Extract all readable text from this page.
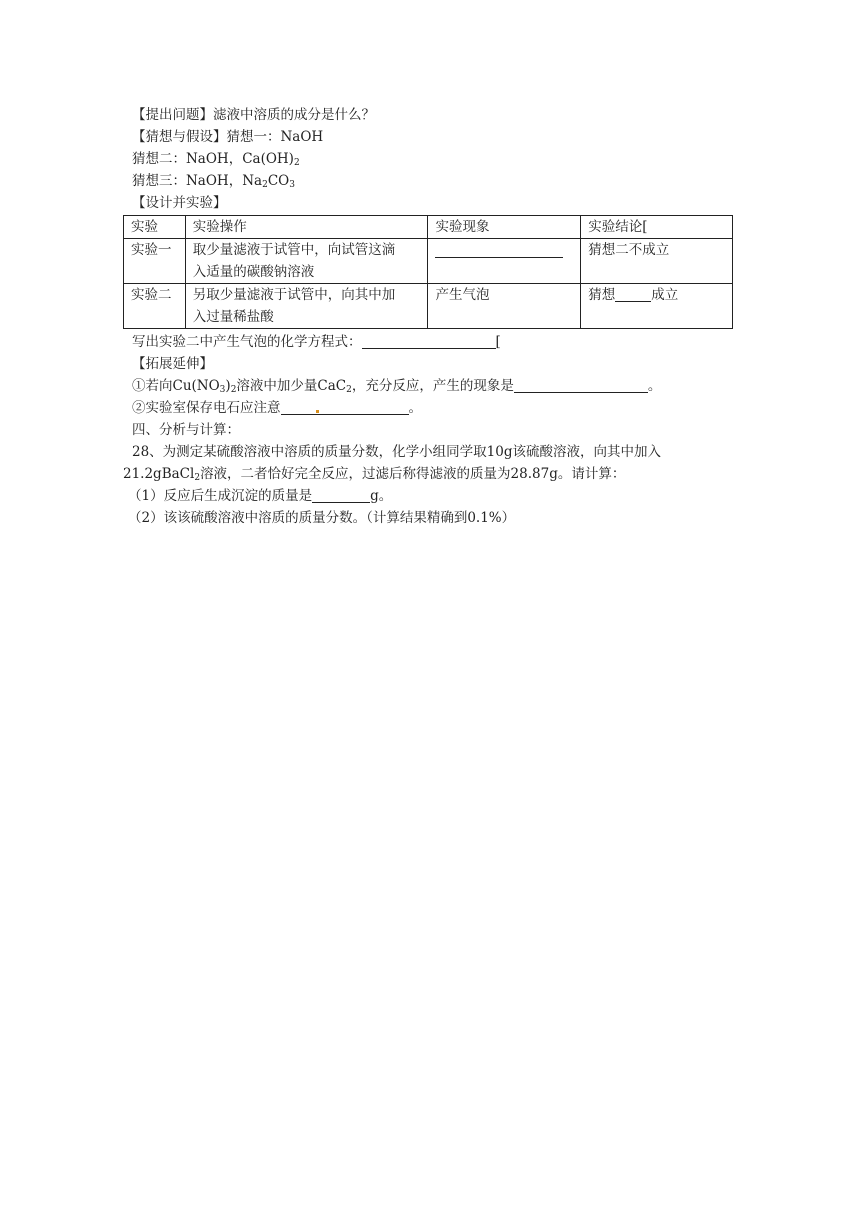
【提出问题】滤液中溶质的成分是什么？
【猜想与假设】猜想一：NaOH
猜想二：NaOH，$Ca(OH)_2$
猜想三：NaOH，$Na_2CO_3$
【设计并实验】
实验	实验操作	实验现象	实验结论[
实验一	取少量滤液于试管中，向试管这滴
入适量的碳酸钠溶液		猜想二不成立
实验二	另取少量滤液于试管中，向其中加
入过量稀盐酸	产生气泡	猜想 成立
写出实验二中产生气泡的化学方程式：	[
【拓展延伸】
①若向$Cu(NO_3)_2$溶液中加少量CaC$_2$，充分反应，产生的现象是	。
②实验室保存电石应注意	。
四、分析与计算：
28、为测定某硫酸溶液中溶质的质量分数，化学小组同学取10g该硫酸溶液，向其中加入
21.2gBaCl$_2$溶液，二者恰好完全反应，过滤后称得滤液的质量为28.87g。请计算：
（1）反应后生成沉淀的质量是	g。
（2）该该硫酸溶液中溶质的质量分数。（计算结果精确到0.1%）
